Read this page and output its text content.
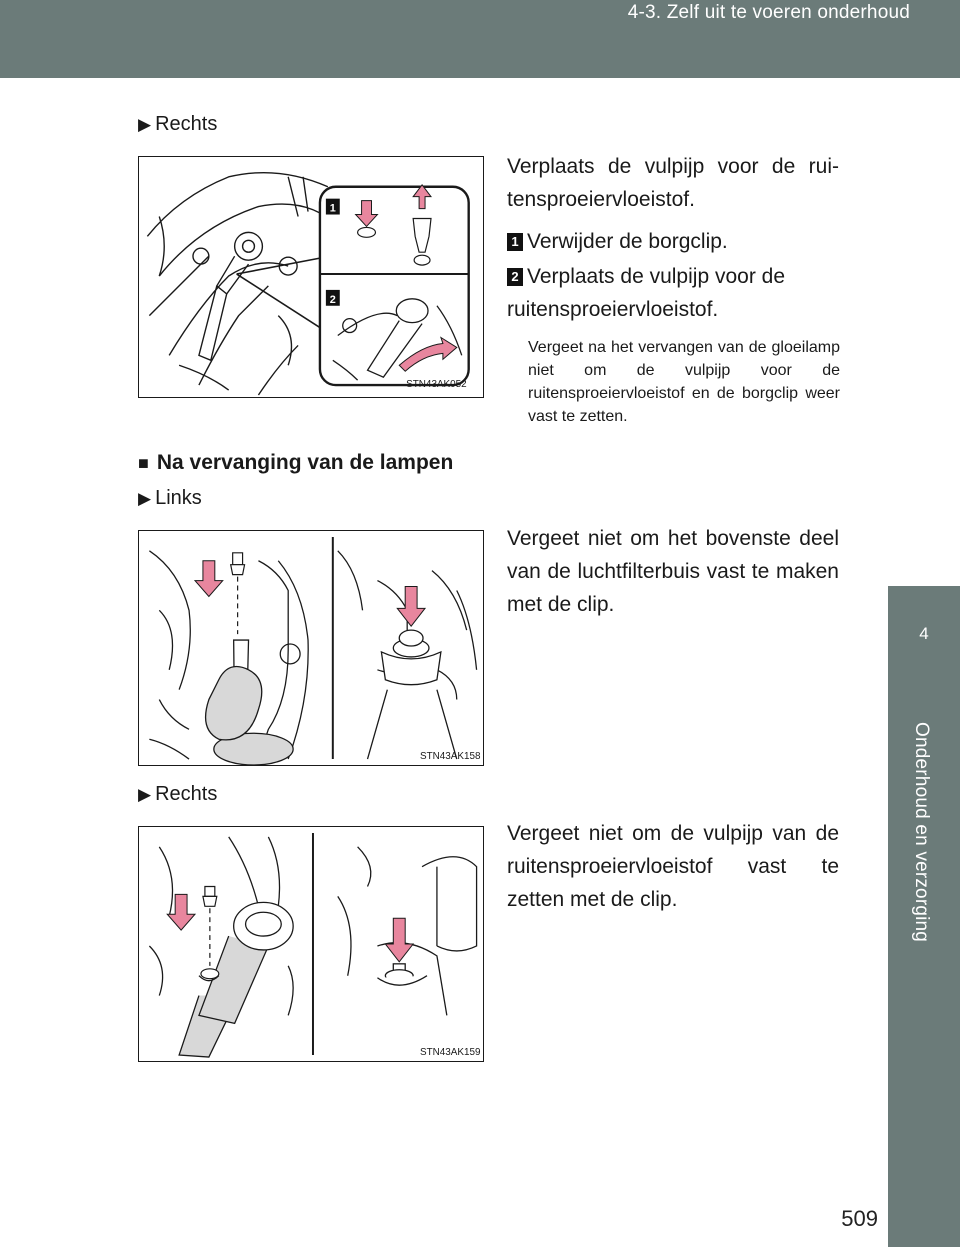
4-3. Zelf uit te voeren onderhoud
4
Onderhoud en verzorging
▶ Rechts
1
2
STN43AK052
Verplaats de vulpijp voor de rui-tensproeiervloeistof.
1 Verwijder de borgclip.
2 Verplaats de vulpijp voor de ruitensproeiervloeistof.
Vergeet na het vervangen van de gloeilamp niet om de vulpijp voor de ruitensproeiervloeistof en de borgclip weer vast te zetten.
■ Na vervanging van de lampen
▶ Links
STN43AK158
Vergeet niet om het bovenste deel van de luchtfilterbuis vast te maken met de clip.
▶ Rechts
STN43AK159
Vergeet niet om de vulpijp van de ruitensproeiervloeistof vast te zetten met de clip.
509
